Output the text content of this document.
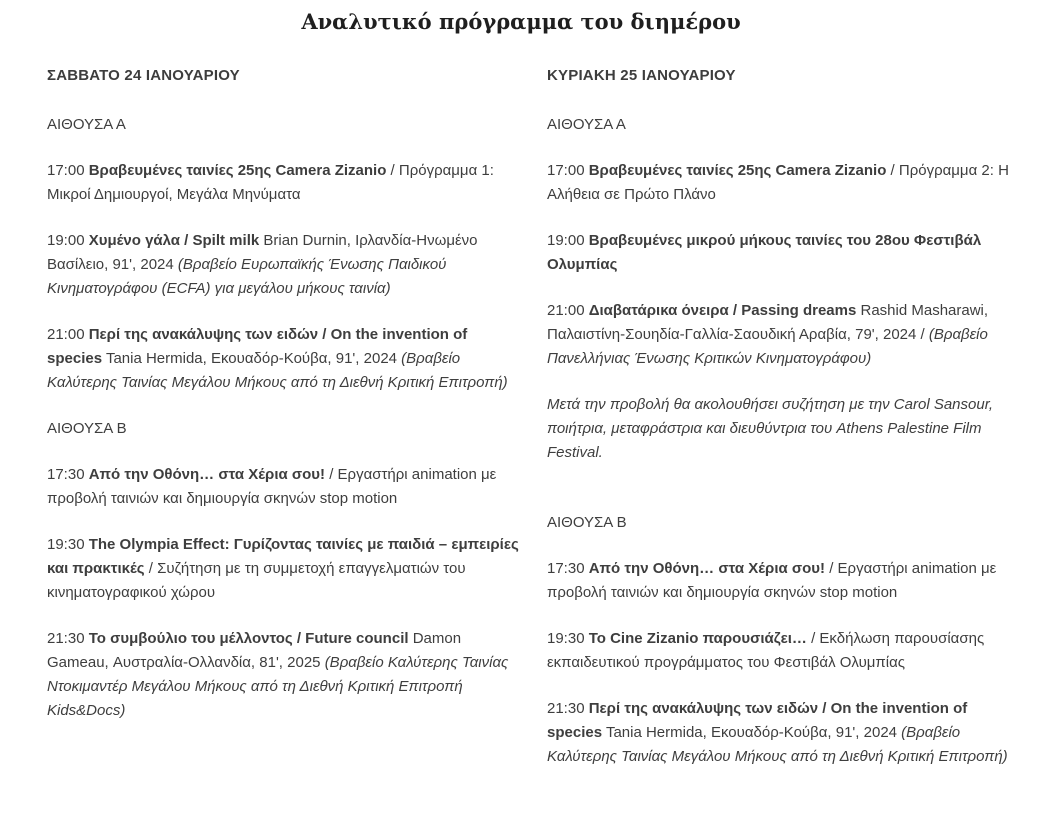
Αναλυτικό πρόγραμμα του διημέρου

ΣΑΒΒΑΤΟ 24 ΙΑΝΟΥΑΡΙΟΥ

ΑΙΘΟΥΣΑ Α

17:00 Βραβευμένες ταινίες 25ης Camera Zizanio / Πρόγραμμα 1: Μικροί Δημιουργοί, Μεγάλα Μηνύματα

19:00 Χυμένο γάλα / Spilt milk Brian Durnin, Ιρλανδία-Ηνωμένο Βασίλειο, 91', 2024 (Βραβείο Ευρωπαϊκής Ένωσης Παιδικού Κινηματογράφου (ECFA) για μεγάλου μήκους ταινία)

21:00 Περί της ανακάλυψης των ειδών / On the invention of species Tania Hermida, Εκουαδόρ-Κούβα, 91', 2024 (Βραβείο Καλύτερης Ταινίας Μεγάλου Μήκους από τη Διεθνή Κριτική Επιτροπή)

ΑΙΘΟΥΣΑ Β

17:30 Από την Οθόνη… στα Χέρια σου! / Εργαστήρι animation με προβολή ταινιών και δημιουργία σκηνών stop motion

19:30 The Olympia Effect: Γυρίζοντας ταινίες με παιδιά – εμπειρίες και πρακτικές / Συζήτηση με τη συμμετοχή επαγγελματιών του κινηματογραφικού χώρου

21:30 Το συμβούλιο του μέλλοντος / Future council Damon Gameau, Αυστραλία-Ολλανδία, 81', 2025 (Βραβείο Καλύτερης Ταινίας Ντοκιμαντέρ Μεγάλου Μήκους από τη Διεθνή Κριτική Επιτροπή Kids&Docs)

ΚΥΡΙΑΚΗ 25 ΙΑΝΟΥΑΡΙΟΥ

ΑΙΘΟΥΣΑ Α

17:00 Βραβευμένες ταινίες 25ης Camera Zizanio / Πρόγραμμα 2: Η Αλήθεια σε Πρώτο Πλάνο

19:00 Βραβευμένες μικρού μήκους ταινίες του 28ου Φεστιβάλ Ολυμπίας

21:00 Διαβατάρικα όνειρα / Passing dreams Rashid Masharawi, Παλαιστίνη-Σουηδία-Γαλλία-Σαουδική Αραβία, 79', 2024 / (Βραβείο Πανελλήνιας Ένωσης Κριτικών Κινηματογράφου)

Μετά την προβολή θα ακολουθήσει συζήτηση με την Carol Sansour, ποιήτρια, μεταφράστρια και διευθύντρια του Athens Palestine Film Festival.

ΑΙΘΟΥΣΑ Β

17:30 Από την Οθόνη… στα Χέρια σου! / Εργαστήρι animation με προβολή ταινιών και δημιουργία σκηνών stop motion

19:30 Το Cine Zizanio παρουσιάζει… / Εκδήλωση παρουσίασης εκπαιδευτικού προγράμματος του Φεστιβάλ Ολυμπίας

21:30 Περί της ανακάλυψης των ειδών / On the invention of species Tania Hermida, Εκουαδόρ-Κούβα, 91', 2024 (Βραβείο Καλύτερης Ταινίας Μεγάλου Μήκους από τη Διεθνή Κριτική Επιτροπή)
